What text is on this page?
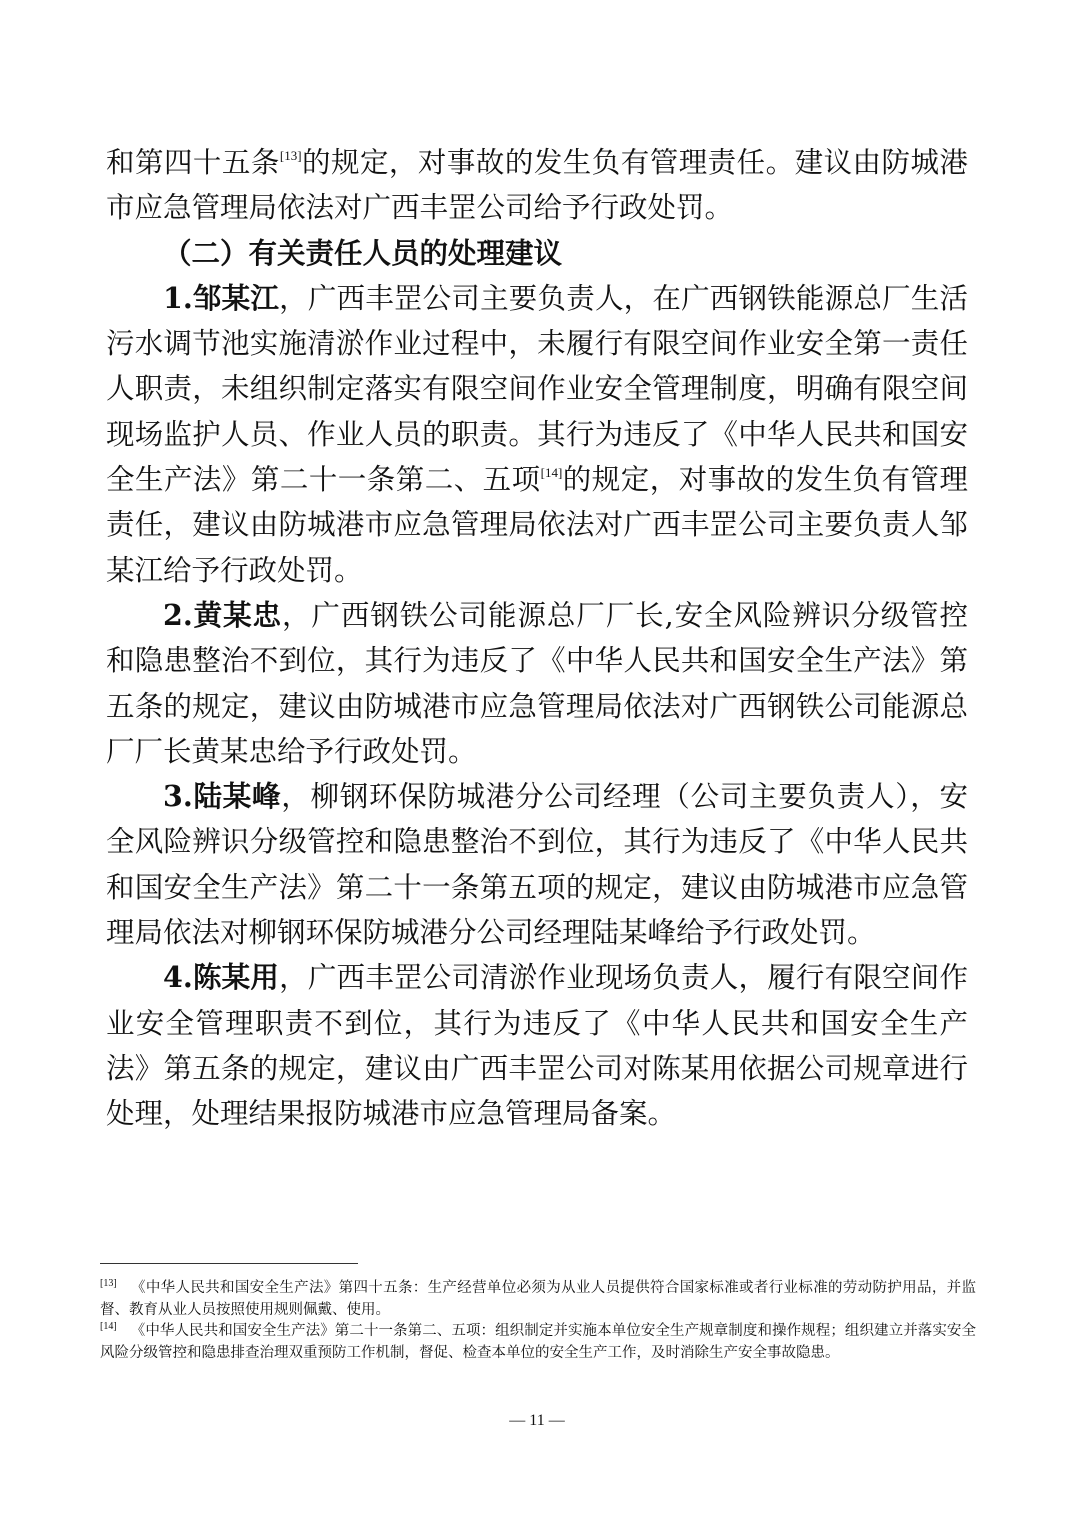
和第四十五条[13]的规定，对事故的发生负有管理责任。建议由防城港市应急管理局依法对广西丰罡公司给予行政处罚。

（二）有关责任人员的处理建议

1.邹某江，广西丰罡公司主要负责人，在广西钢铁能源总厂生活污水调节池实施清淤作业过程中，未履行有限空间作业安全第一责任人职责，未组织制定落实有限空间作业安全管理制度，明确有限空间现场监护人员、作业人员的职责。其行为违反了《中华人民共和国安全生产法》第二十一条第二、五项[14]的规定，对事故的发生负有管理责任，建议由防城港市应急管理局依法对广西丰罡公司主要负责人邹某江给予行政处罚。

2.黄某忠，广西钢铁公司能源总厂厂长,安全风险辨识分级管控和隐患整治不到位，其行为违反了《中华人民共和国安全生产法》第五条的规定，建议由防城港市应急管理局依法对广西钢铁公司能源总厂厂长黄某忠给予行政处罚。

3.陆某峰，柳钢环保防城港分公司经理（公司主要负责人），安全风险辨识分级管控和隐患整治不到位，其行为违反了《中华人民共和国安全生产法》第二十一条第五项的规定，建议由防城港市应急管理局依法对柳钢环保防城港分公司经理陆某峰给予行政处罚。

4.陈某用，广西丰罡公司清淤作业现场负责人，履行有限空间作业安全管理职责不到位，其行为违反了《中华人民共和国安全生产法》第五条的规定，建议由广西丰罡公司对陈某用依据公司规章进行处理，处理结果报防城港市应急管理局备案。

[13] 《中华人民共和国安全生产法》第四十五条：生产经营单位必须为从业人员提供符合国家标准或者行业标准的劳动防护用品，并监督、教育从业人员按照使用规则佩戴、使用。

[14] 《中华人民共和国安全生产法》第二十一条第二、五项：组织制定并实施本单位安全生产规章制度和操作规程；组织建立并落实安全风险分级管控和隐患排查治理双重预防工作机制，督促、检查本单位的安全生产工作，及时消除生产安全事故隐患。

— 11 —
